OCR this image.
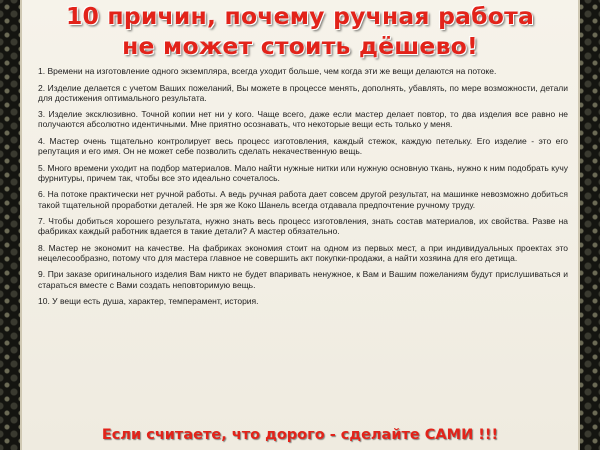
10 причин, почему ручная работа
не может стоить дёшево!

1. Времени на изготовление одного экземпляра, всегда уходит больше, чем когда эти же вещи делаются на потоке.

2. Изделие делается с учетом Ваших пожеланий, Вы можете в процессе менять, дополнять, убавлять, по мере возможности, детали для достижения оптимального результата.

3. Изделие эксклюзивно. Точной копии нет ни у кого. Чаще всего, даже если мастер делает повтор, то два изделия все равно не получаются абсолютно идентичными. Мне приятно осознавать, что некоторые вещи есть только у меня.

4. Мастер очень тщательно контролирует весь процесс изготовления, каждый стежок, каждую петельку. Его изделие - это его репутация и его имя. Он не может себе позволить сделать некачественную вещь.

5. Много времени уходит на подбор материалов. Мало найти нужные нитки или нужную основную ткань, нужно к ним подобрать кучу фурнитуры, причем так, чтобы все это идеально сочеталось.

6. На потоке практически нет ручной работы. А ведь ручная работа дает совсем другой результат, на машинке невозможно добиться такой тщательной проработки деталей. Не зря же Коко Шанель всегда отдавала предпочтение ручному труду.

7. Чтобы добиться хорошего результата, нужно знать весь процесс изготовления, знать состав материалов, их свойства. Разве на фабриках каждый работник вдается в такие детали? А мастер обязательно.

8. Мастер не экономит на качестве. На фабриках экономия стоит на одном из первых мест, а при индивидуальных проектах это нецелесообразно, потому что для мастера главное не совершить акт покупки-продажи, а найти хозяина для его детища.

9. При заказе оригинального изделия Вам никто не будет впаривать ненужное, к Вам и Вашим пожеланиям будут прислушиваться и стараться вместе с Вами создать неповторимую вещь.

10. У вещи есть душа, характер, темперамент, история.

Если считаете, что дорого - сделайте САМИ !!!
